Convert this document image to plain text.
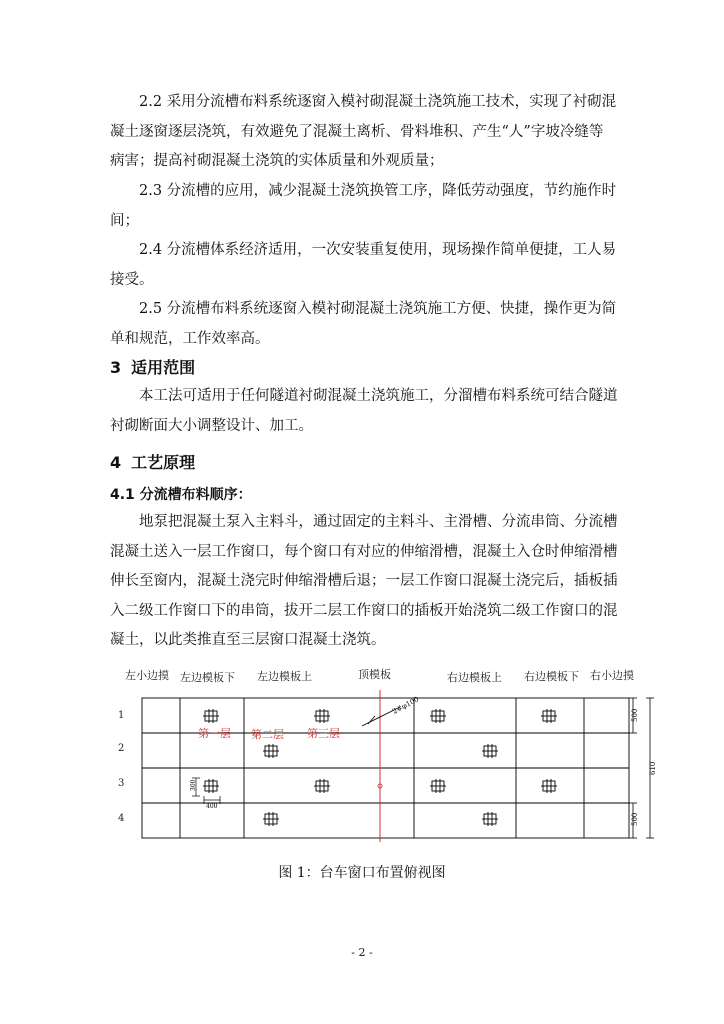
2.2 采用分流槽布料系统逐窗入模衬砌混凝土浇筑施工技术，实现了衬砌混
凝土逐窗逐层浇筑，有效避免了混凝土离析、骨料堆积、产生“人”字坡冷缝等
病害；提高衬砌混凝土浇筑的实体质量和外观质量；
2.3 分流槽的应用，减少混凝土浇筑换管工序，降低劳动强度，节约施作时
间；
2.4 分流槽体系经济适用，一次安装重复使用，现场操作简单便捷，工人易
接受。
2.5 分流槽布料系统逐窗入模衬砌混凝土浇筑施工方便、快捷，操作更为简
单和规范，工作效率高。
3 适用范围
本工法可适用于任何隧道衬砌混凝土浇筑施工，分溜槽布料系统可结合隧道
衬砌断面大小调整设计、加工。
4 工艺原理
4.1 分流槽布料顺序：
地泵把混凝土泵入主料斗，通过固定的主料斗、主滑槽、分流串筒、分流槽
混凝土送入一层工作窗口，每个窗口有对应的伸缩滑槽，混凝土入仓时伸缩滑槽
伸长至窗内，混凝土浇完时伸缩滑槽后退；一层工作窗口混凝土浇完后，插板插
入二级工作窗口下的串筒，拔开二层工作窗口的插板开始浇筑二级工作窗口的混
凝土，以此类推直至三层窗口混凝土浇筑。
左小边摸 左边模板下 左边模板上	顶模板	右边模板上 右边模板下 右小边摸
1
2
3
4
2#φ100
第一层 第二层 第三层
300
400
500
610
500
图 1：台车窗口布置俯视图
- 2 -
